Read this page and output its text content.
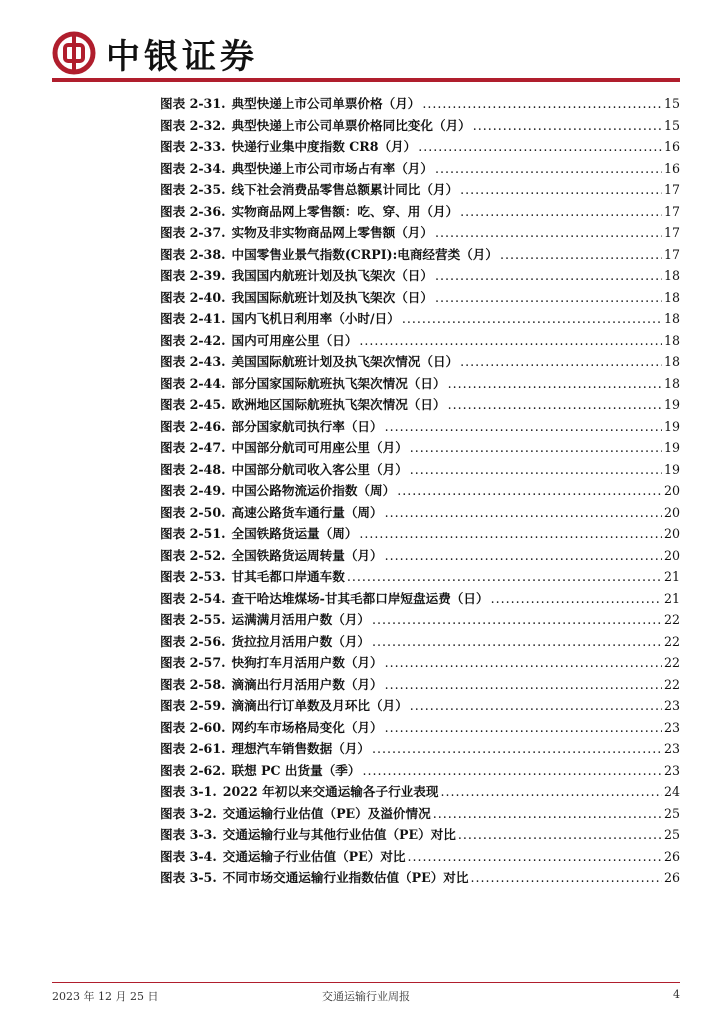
中银证券
图表 2-31. 典型快递上市公司单票价格（月） .....	15
图表 2-32. 典型快递上市公司单票价格同比变化（月） .....	15
图表 2-33. 快递行业集中度指数 CR8（月） .....	16
图表 2-34. 典型快递上市公司市场占有率（月） .....	16
图表 2-35. 线下社会消费品零售总额累计同比（月） .....	17
图表 2-36. 实物商品网上零售额：吃、穿、用（月） .....	17
图表 2-37. 实物及非实物商品网上零售额（月） .....	17
图表 2-38. 中国零售业景气指数(CRPI):电商经营类（月） .....	17
图表 2-39. 我国国内航班计划及执飞架次（日） .....	18
图表 2-40. 我国国际航班计划及执飞架次（日） .....	18
图表 2-41. 国内飞机日利用率（小时/日） .....	18
图表 2-42. 国内可用座公里（日） .....	18
图表 2-43. 美国国际航班计划及执飞架次情况（日） .....	18
图表 2-44. 部分国家国际航班执飞架次情况（日） .....	18
图表 2-45. 欧洲地区国际航班执飞架次情况（日） .....	19
图表 2-46. 部分国家航司执行率（日） .....	19
图表 2-47. 中国部分航司可用座公里（月） .....	19
图表 2-48. 中国部分航司收入客公里（月） .....	19
图表 2-49. 中国公路物流运价指数（周） .....	20
图表 2-50. 高速公路货车通行量（周） .....	20
图表 2-51. 全国铁路货运量（周） .....	20
图表 2-52. 全国铁路货运周转量（月） .....	20
图表 2-53. 甘其毛都口岸通车数 .....	21
图表 2-54. 查干哈达堆煤场-甘其毛都口岸短盘运费（日） .....	21
图表 2-55. 运满满月活用户数（月） .....	22
图表 2-56. 货拉拉月活用户数（月） .....	22
图表 2-57. 快狗打车月活用户数（月） .....	22
图表 2-58. 滴滴出行月活用户数（月） .....	22
图表 2-59. 滴滴出行订单数及月环比（月） .....	23
图表 2-60. 网约车市场格局变化（月） .....	23
图表 2-61. 理想汽车销售数据（月） .....	23
图表 2-62. 联想 PC 出货量（季） .....	23
图表 3-1. 2022 年初以来交通运输各子行业表现 .....	24
图表 3-2. 交通运输行业估值（PE）及溢价情况 .....	25
图表 3-3. 交通运输行业与其他行业估值（PE）对比 .....	25
图表 3-4. 交通运输子行业估值（PE）对比 .....	26
图表 3-5. 不同市场交通运输行业指数估值（PE）对比 .....	26
2023 年 12 月 25 日	交通运输行业周报	4
